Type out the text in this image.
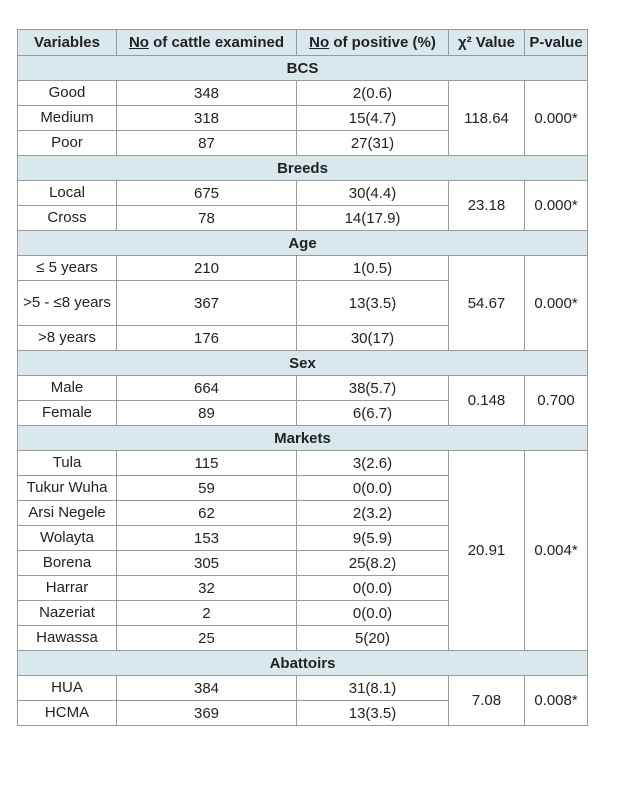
Variables	No of cattle examined	No of positive (%)	χ² Value	P-value
BCS				
Good	348	2(0.6)	118.64	0.000*
Medium	318	15(4.7)		
Poor	87	27(31)		
Breeds				
Local	675	30(4.4)	23.18	0.000*
Cross	78	14(17.9)		
Age				
≤ 5 years	210	1(0.5)	54.67	0.000*
>5 - ≤8 years	367	13(3.5)		
>8 years	176	30(17)		
Sex				
Male	664	38(5.7)	0.148	0.700
Female	89	6(6.7)		
Markets				
Tula	115	3(2.6)	20.91	0.004*
Tukur Wuha	59	0(0.0)		
Arsi Negele	62	2(3.2)		
Wolayta	153	9(5.9)		
Borena	305	25(8.2)		
Harrar	32	0(0.0)		
Nazeriat	2	0(0.0)		
Hawassa	25	5(20)		
Abattoirs				
HUA	384	31(8.1)	7.08	0.008*
HCMA	369	13(3.5)		
